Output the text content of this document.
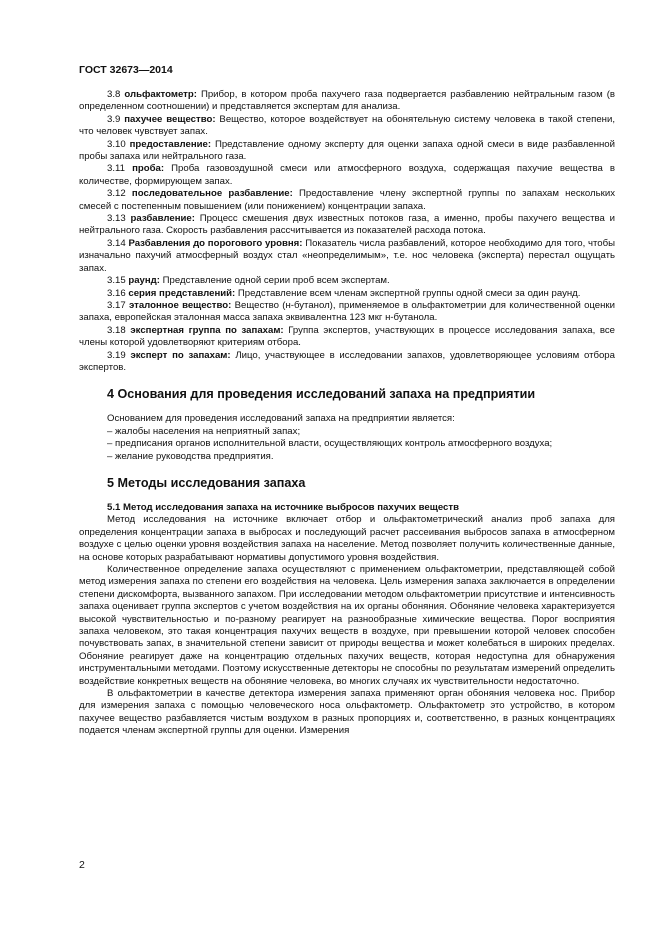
ГОСТ 32673—2014

3.8 ольфактометр: Прибор, в котором проба пахучего газа подвергается разбавлению нейтральным газом (в определенном соотношении) и представляется экспертам для анализа.

3.9 пахучее вещество: Вещество, которое воздействует на обонятельную систему человека в такой степени, что человек чувствует запах.

3.10 предоставление: Представление одному эксперту для оценки запаха одной смеси в виде разбавленной пробы запаха или нейтрального газа.

3.11 проба: Проба газовоздушной смеси или атмосферного воздуха, содержащая пахучие вещества в количестве, формирующем запах.

3.12 последовательное разбавление: Предоставление члену экспертной группы по запахам нескольких смесей с постепенным повышением (или понижением) концентрации запаха.

3.13 разбавление: Процесс смешения двух известных потоков газа, а именно, пробы пахучего вещества и нейтрального газа. Скорость разбавления рассчитывается из показателей расхода потока.

3.14 Разбавления до порогового уровня: Показатель числа разбавлений, которое необходимо для того, чтобы изначально пахучий атмосферный воздух стал «неопределимым», т.е. нос человека (эксперта) перестал ощущать запах.

3.15 раунд: Представление одной серии проб всем экспертам.

3.16 серия представлений: Представление всем членам экспертной группы одной смеси за один раунд.

3.17 эталонное вещество: Вещество (н-бутанол), применяемое в ольфактометрии для количественной оценки запаха, европейская эталонная масса запаха эквивалентна 123 мкг н-бутанола.

3.18 экспертная группа по запахам: Группа экспертов, участвующих в процессе исследования запаха, все члены которой удовлетворяют критериям отбора.

3.19 эксперт по запахам: Лицо, участвующее в исследовании запахов, удовлетворяющее условиям отбора экспертов.

4 Основания для проведения исследований запаха на предприятии

Основанием для проведения исследований запаха на предприятии является:

– жалобы населения на неприятный запах;

– предписания органов исполнительной власти, осуществляющих контроль атмосферного воздуха;

– желание руководства предприятия.

5 Методы исследования запаха
5.1 Метод исследования запаха на источнике выбросов пахучих веществ

Метод исследования на источнике включает отбор и ольфактометрический анализ проб запаха для определения концентрации запаха в выбросах и последующий расчет рассеивания выбросов запаха в атмосферном воздухе с целью оценки уровня воздействия запаха на население. Метод позволяет получить количественные данные, на основе которых разрабатывают нормативы допустимого уровня воздействия.

Количественное определение запаха осуществляют с применением ольфактометрии, представляющей собой метод измерения запаха по степени его воздействия на человека. Цель измерения запаха заключается в определении степени дискомфорта, вызванного запахом. При исследовании методом ольфактометрии присутствие и интенсивность запаха оценивает группа экспертов с учетом воздействия на их органы обоняния. Обоняние человека характеризуется высокой чувствительностью и по-разному реагирует на разнообразные химические вещества. Порог восприятия запаха человеком, это такая концентрация пахучих веществ в воздухе, при превышении которой человек способен почувствовать запах, в значительной степени зависит от природы вещества и может колебаться в широких пределах. Обоняние реагирует даже на концентрацию отдельных пахучих веществ, которая недоступна для обнаружения инструментальными методами. Поэтому искусственные детекторы не способны по результатам измерений определить воздействие конкретных веществ на обоняние человека, во многих случаях их чувствительности недостаточно.

В ольфактометрии в качестве детектора измерения запаха применяют орган обоняния человека нос. Прибор для измерения запаха с помощью человеческого носа ольфактометр. Ольфактометр это устройство, в котором пахучее вещество разбавляется чистым воздухом в разных пропорциях и, соответственно, в разных концентрациях подается членам экспертной группы для оценки. Измерения

2
